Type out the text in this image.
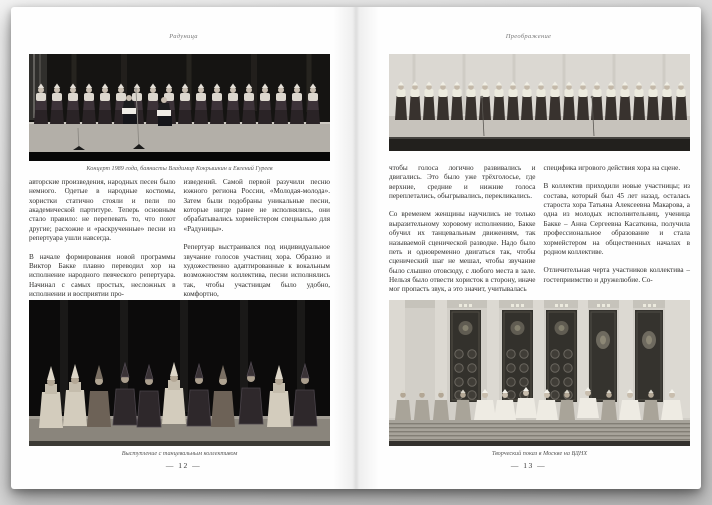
Радуница
Концерт 1989 года, баянисты Владимир Кокрышкин и Евгений Гуреев

авторские произведения, народных песен было немного. Одетые в народные костюмы, хористки статично стояли и пели по академической партитуре. Теперь основным стало правило: не перепевать то, что поют другие; расхожие и «раскрученные» песни из репертуара ушли навсегда.

В начале формирования новой программы Виктор Бакке плавно переводил хор на исполнение народного певческого репертуара. Начинал с самых простых, несложных в исполнении и восприятии про-

изведений. Самой первой разучили песню южного региона России, «Молодая-молода». Затем были подобраны уникальные песни, которые нигде ранее не исполнялись, они обрабатывались хормейстером специально для «Радуницы».

Репертуар выстраивался под индивидуальное звучание голосов участниц хора. Образно и художественно адаптированные к вокальным возможностям коллектива, песни исполнялись так, чтобы участницам было удобно, комфортно,

Выступление с танцевальным коллективом
— 12 —
Преображение

чтобы голоса логично развивались и двигались. Это было уже трёхголосье, где верхние, средние и нижние голоса переплетались, обыгрывались, перекликались.

Со временем женщины научились не только выразительному хоровому исполнению, Бакке обучил их танцевальным движениям, так называемой сценической разводке. Надо было петь и одновременно двигаться так, чтобы сценический шаг не мешал, чтобы звучание было слышно отовсюду, с любого места в зале. Нельзя было отвести хористок в сторону, иначе мог пропасть звук, а это значит, учитывалась

специфика игрового действия хора на сцене.

В коллектив приходили новые участницы; из состава, который был 45 лет назад, осталась староста хора Татьяна Алексеевна Макарова, а одна из молодых исполнительниц, ученица Бакке – Анна Сергеевна Касаткина, получила профессиональное образование и стала хормейстером на общественных началах в родном коллективе.

Отличительная черта участников коллектива – гостеприимство и дружелюбие. Со-

Творческий показ в Москве на ВДНХ
— 13 —
